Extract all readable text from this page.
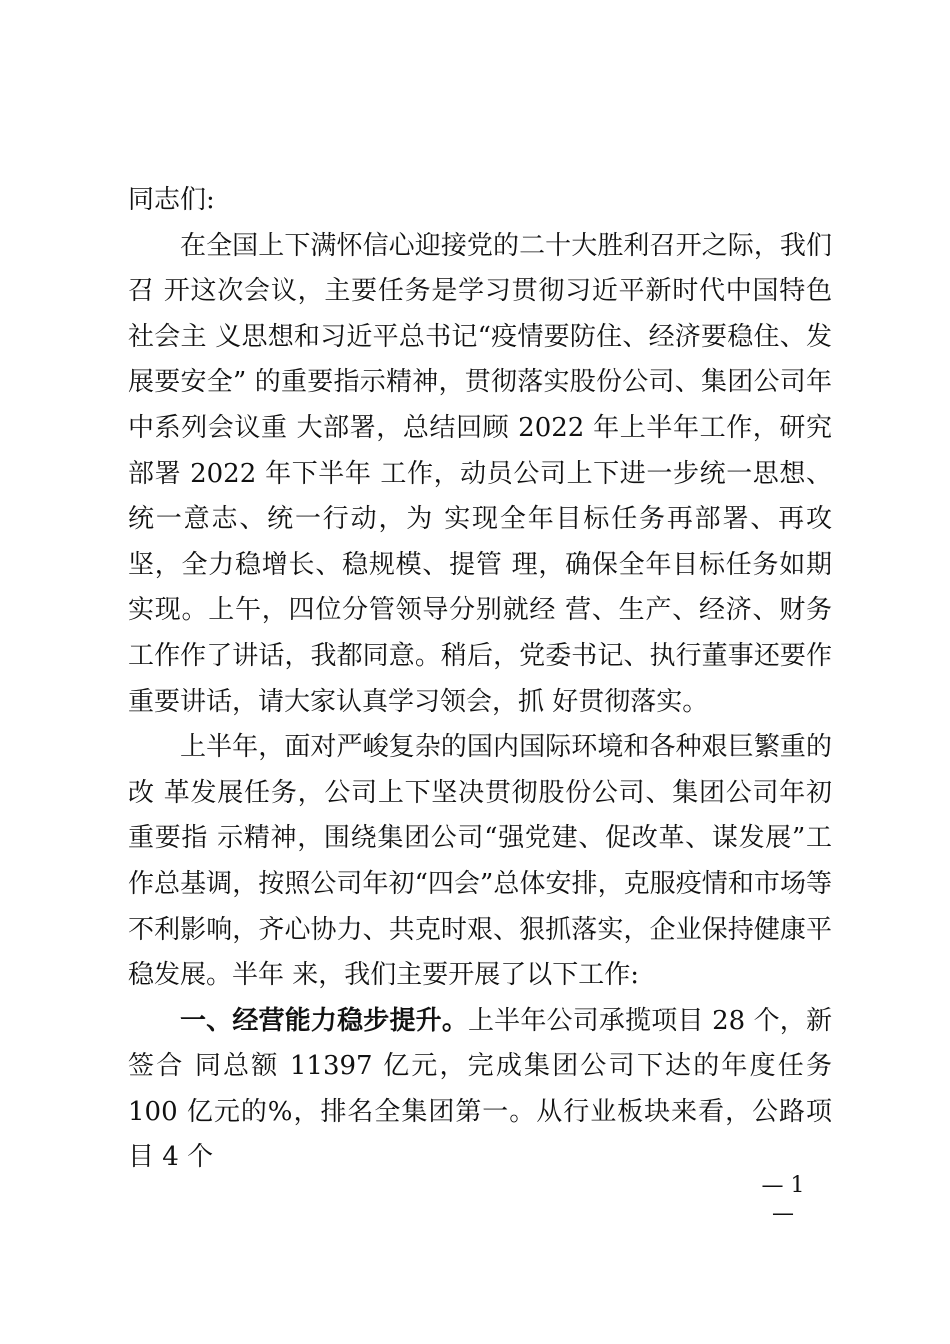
同志们:

在全国上下满怀信心迎接党的二十大胜利召开之际，我们召 开这次会议，主要任务是学习贯彻习近平新时代中国特色社会主 义思想和习近平总书记“疫情要防住、经济要稳住、发展要安全” 的重要指示精神，贯彻落实股份公司、集团公司年中系列会议重 大部署，总结回顾 2022 年上半年工作，研究部署 2022 年下半年 工作，动员公司上下进一步统一思想、统一意志、统一行动，为 实现全年目标任务再部署、再攻坚，全力稳增长、稳规模、提管 理，确保全年目标任务如期实现。上午，四位分管领导分别就经 营、生产、经济、财务工作作了讲话，我都同意。稍后，党委书记、执行董事还要作重要讲话，请大家认真学习领会，抓 好贯彻落实。

上半年，面对严峻复杂的国内国际环境和各种艰巨繁重的改 革发展任务，公司上下坚决贯彻股份公司、集团公司年初重要指 示精神，围绕集团公司“强党建、促改革、谋发展”工作总基调，按照公司年初“四会”总体安排，克服疫情和市场等不利影响，齐心协力、共克时艰、狠抓落实，企业保持健康平稳发展。半年 来，我们主要开展了以下工作:

一、经营能力稳步提升。上半年公司承揽项目 28 个，新签合 同总额 11397 亿元，完成集团公司下达的年度任务 100 亿元的%，排名全集团第一。从行业板块来看，公路项目 4 个

— 1 —
